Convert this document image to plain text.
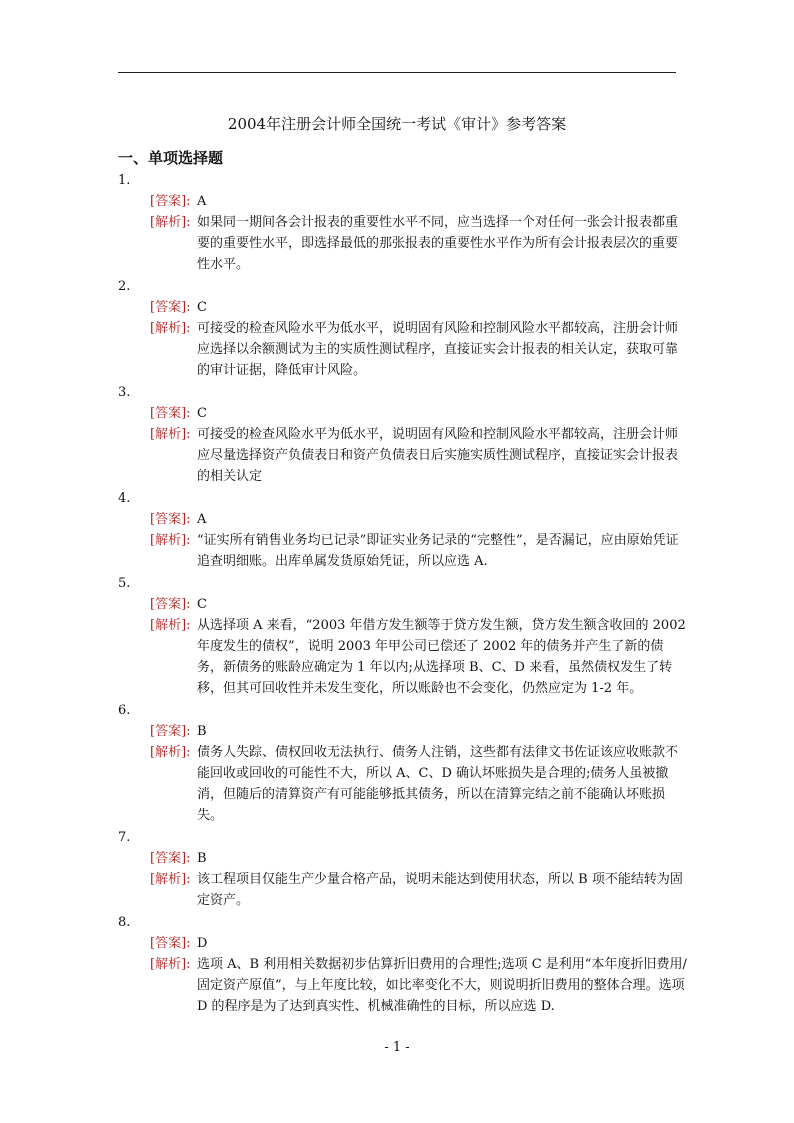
2004年注册会计师全国统一考试《审计》参考答案
一、单项选择题
1.
[答案]: A
[解析]: 如果同一期间各会计报表的重要性水平不同，应当选择一个对任何一张会计报表都重要的重要性水平，即选择最低的那张报表的重要性水平作为所有会计报表层次的重要性水平。
2.
[答案]: C
[解析]: 可接受的检查风险水平为低水平，说明固有风险和控制风险水平都较高，注册会计师应选择以余额测试为主的实质性测试程序，直接证实会计报表的相关认定，获取可靠的审计证据，降低审计风险。
3.
[答案]: C
[解析]: 可接受的检查风险水平为低水平，说明固有风险和控制风险水平都较高，注册会计师应尽量选择资产负债表日和资产负债表日后实施实质性测试程序，直接证实会计报表的相关认定
4.
[答案]: A
[解析]: “证实所有销售业务均已记录”即证实业务记录的“完整性”，是否漏记，应由原始凭证追查明细账。出库单属发货原始凭证，所以应选 A.
5.
[答案]: C
[解析]: 从选择项 A 来看，“2003 年借方发生额等于贷方发生额，贷方发生额含收回的 2002 年度发生的债权”，说明 2003 年甲公司已偿还了 2002 年的债务并产生了新的债务，新债务的账龄应确定为 1 年以内;从选择项 B、C、D 来看，虽然债权发生了转移，但其可回收性并未发生变化，所以账龄也不会变化，仍然应定为 1-2 年。
6.
[答案]: B
[解析]: 债务人失踪、债权回收无法执行、债务人注销，这些都有法律文书佐证该应收账款不能回收或回收的可能性不大，所以 A、C、D 确认坏账损失是合理的;债务人虽被撤消，但随后的清算资产有可能能够抵其债务，所以在清算完结之前不能确认坏账损失。
7.
[答案]: B
[解析]: 该工程项目仅能生产少量合格产品，说明未能达到使用状态，所以 B 项不能结转为固定资产。
8.
[答案]: D
[解析]: 选项 A、B 利用相关数据初步估算折旧费用的合理性;选项 C 是利用“本年度折旧费用/固定资产原值”，与上年度比较，如比率变化不大，则说明折旧费用的整体合理。选项 D 的程序是为了达到真实性、机械准确性的目标，所以应选 D.
- 1 -
